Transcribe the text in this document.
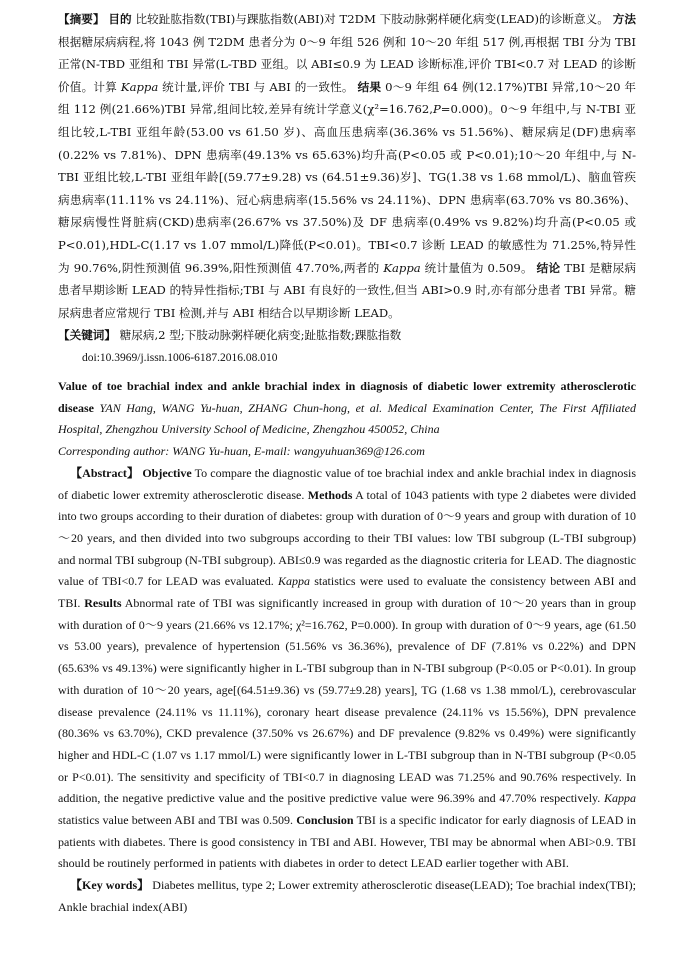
【摘要】 目的 比较趾肱指数(TBI)与踝肱指数(ABI)对 T2DM 下肢动脉粥样硬化病变(LEAD)的诊断意义。 方法 根据糖尿病病程,将 1043 例 T2DM 患者分为 0～9 年组 526 例和 10～20 年组 517 例,再根据 TBI 分为 TBI 正常(N-TBD 亚组和 TBI 异常(L-TBD 亚组。以 ABI≤0.9 为 LEAD 诊断标准,评价 TBI<0.7 对 LEAD 的诊断价值。计算 Kappa 统计量,评价 TBI 与 ABI 的一致性。 结果 0～9 年组 64 例(12.17%)TBI 异常,10～20 年组 112 例(21.66%)TBI 异常,组间比较,差异有统计学意义(χ²=16.762,P=0.000)。0～9 年组中,与 N-TBI 亚组比较,L-TBI 亚组年龄(53.00 vs 61.50 岁)、高血压患病率(36.36% vs 51.56%)、糖尿病足(DF)患病率(0.22% vs 7.81%)、DPN 患病率(49.13% vs 65.63%)均升高(P<0.05 或 P<0.01);10～20 年组中,与 N-TBI 亚组比较,L-TBI 亚组年龄[(59.77±9.28) vs (64.51±9.36)岁]、TG(1.38 vs 1.68 mmol/L)、脑血管疾病患病率(11.11% vs 24.11%)、冠心病患病率(15.56% vs 24.11%)、DPN 患病率(63.70% vs 80.36%)、糖尿病慢性肾脏病(CKD)患病率(26.67% vs 37.50%)及 DF 患病率(0.49% vs 9.82%)均升高(P<0.05 或 P<0.01),HDL-C(1.17 vs 1.07 mmol/L)降低(P<0.01)。TBI<0.7 诊断 LEAD 的敏感性为 71.25%,特异性为 90.76%,阴性预测值 96.39%,阳性预测值 47.70%,两者的 Kappa 统计量值为 0.509。 结论 TBI 是糖尿病患者早期诊断 LEAD 的特异性指标;TBI 与 ABI 有良好的一致性,但当 ABI>0.9 时,亦有部分患者 TBI 异常。糖尿病患者应常规行 TBI 检测,并与 ABI 相结合以早期诊断 LEAD。

【关键词】 糖尿病,2 型;下肢动脉粥样硬化病变;趾肱指数;踝肱指数

doi:10.3969/j.issn.1006-6187.2016.08.010

Value of toe brachial index and ankle brachial index in diagnosis of diabetic lower extremity atherosclerotic disease YAN Hang, WANG Yu-huan, ZHANG Chun-hong, et al. Medical Examination Center, The First Affiliated Hospital, Zhengzhou University School of Medicine, Zhengzhou 450052, China

Corresponding author: WANG Yu-huan, E-mail: wangyuhuan369@126.com

【Abstract】 Objective To compare the diagnostic value of toe brachial index and ankle brachial index in diagnosis of diabetic lower extremity atherosclerotic disease. Methods A total of 1043 patients with type 2 diabetes were divided into two groups according to their duration of diabetes: group with duration of 0～9 years and group with duration of 10～20 years, and then divided into two subgroups according to their TBI values: low TBI subgroup (L-TBI subgroup) and normal TBI subgroup (N-TBI subgroup). ABI≤0.9 was regarded as the diagnostic criteria for LEAD. The diagnostic value of TBI<0.7 for LEAD was evaluated. Kappa statistics were used to evaluate the consistency between ABI and TBI. Results Abnormal rate of TBI was significantly increased in group with duration of 10～20 years than in group with duration of 0～9 years (21.66% vs 12.17%; χ²=16.762, P=0.000). In group with duration of 0～9 years, age (61.50 vs 53.00 years), prevalence of hypertension (51.56% vs 36.36%), prevalence of DF (7.81% vs 0.22%) and DPN (65.63% vs 49.13%) were significantly higher in L-TBI subgroup than in N-TBI subgroup (P<0.05 or P<0.01). In group with duration of 10～20 years, age[(64.51±9.36) vs (59.77±9.28) years], TG (1.68 vs 1.38 mmol/L), cerebrovascular disease prevalence (24.11% vs 11.11%), coronary heart disease prevalence (24.11% vs 15.56%), DPN prevalence (80.36% vs 63.70%), CKD prevalence (37.50% vs 26.67%) and DF prevalence (9.82% vs 0.49%) were significantly higher and HDL-C (1.07 vs 1.17 mmol/L) were significantly lower in L-TBI subgroup than in N-TBI subgroup (P<0.05 or P<0.01). The sensitivity and specificity of TBI<0.7 in diagnosing LEAD was 71.25% and 90.76% respectively. In addition, the negative predictive value and the positive predictive value were 96.39% and 47.70% respectively. Kappa statistics value between ABI and TBI was 0.509. Conclusion TBI is a specific indicator for early diagnosis of LEAD in patients with diabetes. There is good consistency in TBI and ABI. However, TBI may be abnormal when ABI>0.9. TBI should be routinely performed in patients with diabetes in order to detect LEAD earlier together with ABI.

【Key words】 Diabetes mellitus, type 2; Lower extremity atherosclerotic disease(LEAD); Toe brachial index(TBI); Ankle brachial index(ABI)
